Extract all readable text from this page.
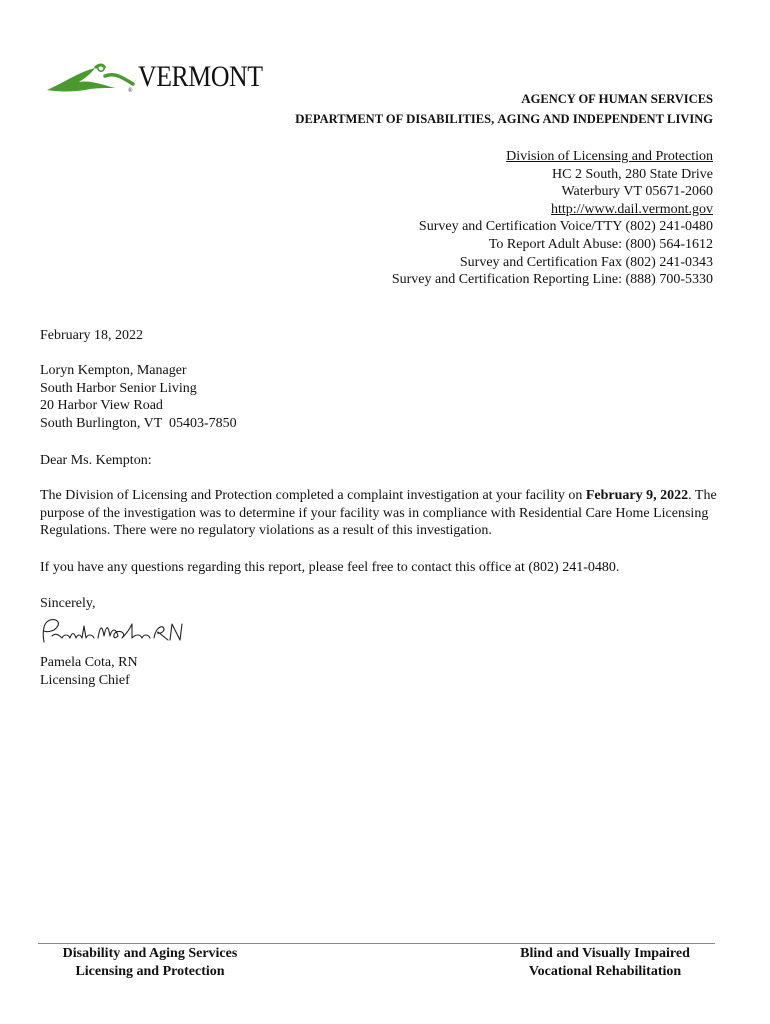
VERMONT
®	AGENCY OF HUMAN SERVICES
DEPARTMENT OF DISABILITIES, AGING AND INDEPENDENT LIVING
Division of Licensing and Protection
HC 2 South, 280 State Drive
Waterbury VT 05671-2060
http://www.dail.vermont.gov
Survey and Certification Voice/TTY (802) 241-0480
To Report Adult Abuse: (800) 564-1612
Survey and Certification Fax (802) 241-0343
Survey and Certification Reporting Line: (888) 700-5330
February 18, 2022
Loryn Kempton, Manager
South Harbor Senior Living
20 Harbor View Road
South Burlington, VT  05403-7850
Dear Ms. Kempton:
The Division of Licensing and Protection completed a complaint investigation at your facility on February 9, 2022. The purpose of the investigation was to determine if your facility was in compliance with Residential Care Home Licensing Regulations. There were no regulatory violations as a result of this investigation.
If you have any questions regarding this report, please feel free to contact this office at (802) 241-0480.
Sincerely,
Pamela Cota, RN
Licensing Chief
Disability and Aging Services
Licensing and Protection
Blind and Visually Impaired
Vocational Rehabilitation
